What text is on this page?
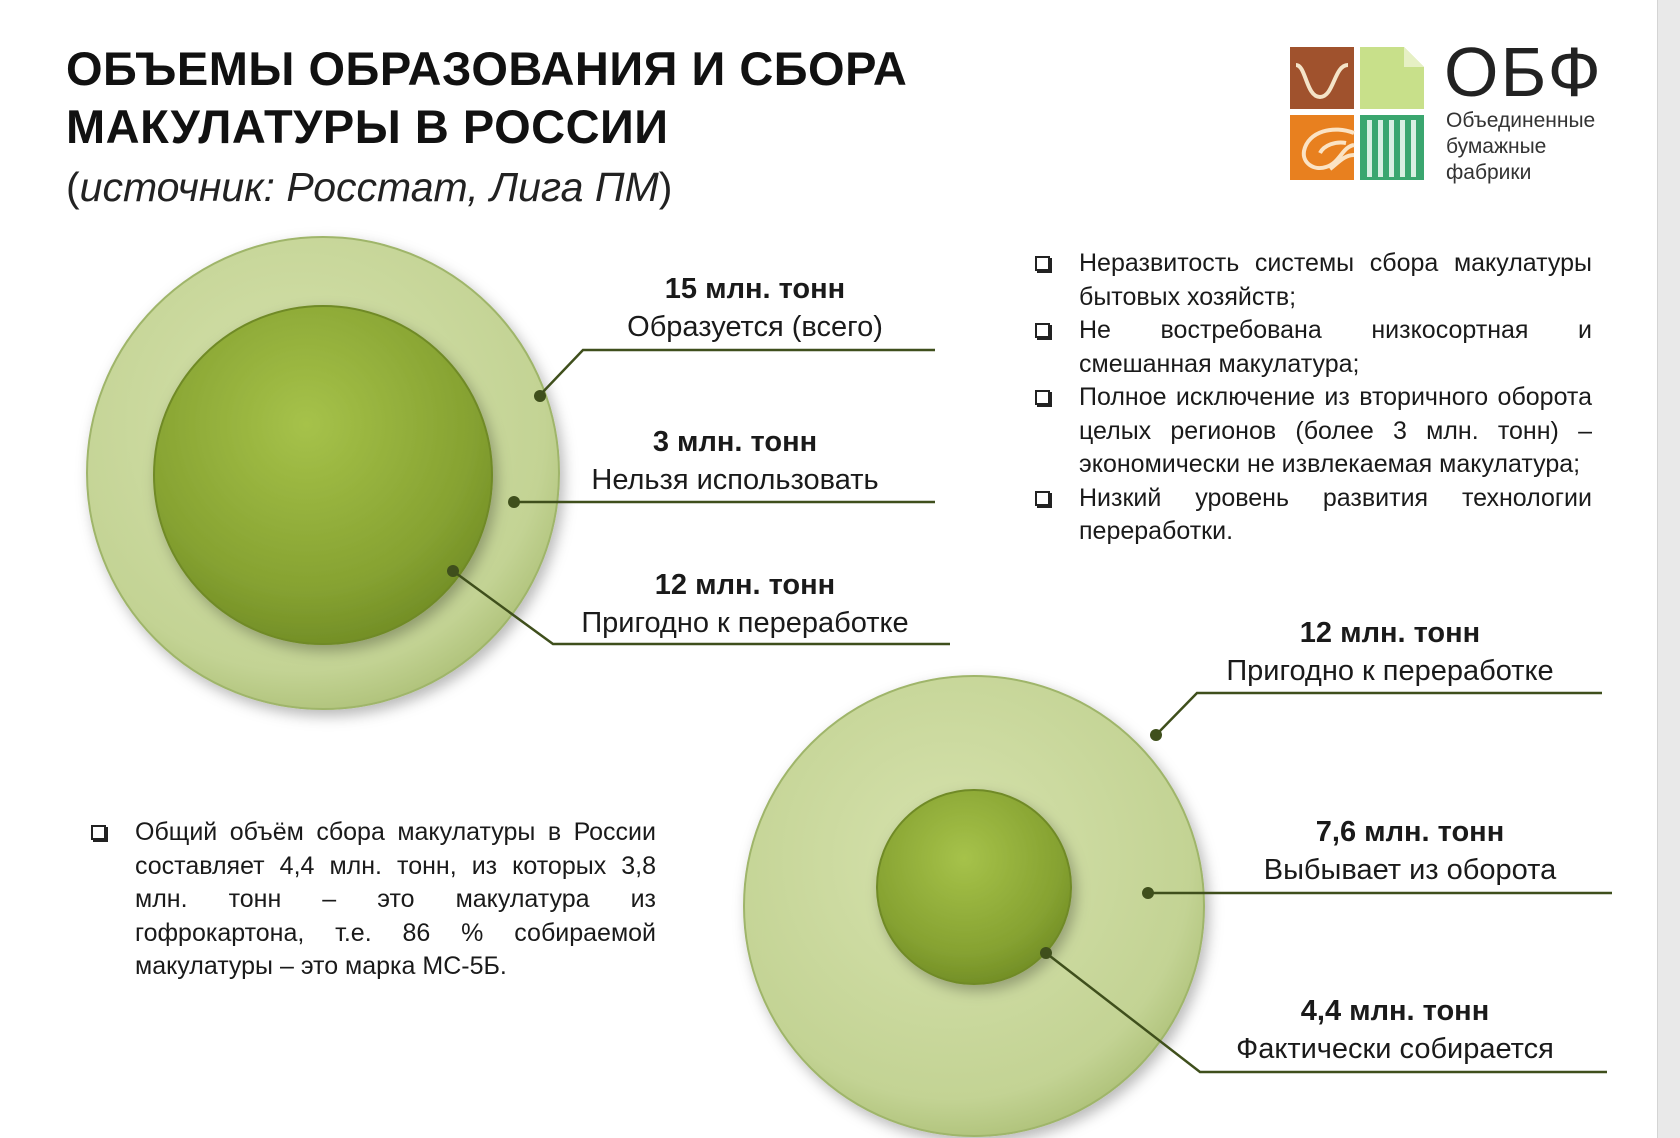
ОБЪЕМЫ ОБРАЗОВАНИЯ И СБОРА
МАКУЛАТУРЫ В РОССИИ
(источник: Росстат, Лига ПМ)
ОБФ
Объединенные
бумажные
фабрики
15 млн. тонн
Образуется (всего)
3 млн. тонн
Нельзя использовать
12 млн. тонн
Пригодно к переработке	12 млн. тонн
Пригодно к переработке
7,6 млн. тонн
Выбывает из оборота
4,4 млн. тонн
Фактически собирается
Неразвитость системы сбора макулатуры бытовых хозяйств;
Не востребована низкосортная и смешанная макулатура;
Полное исключение из вторичного оборота целых регионов (более 3 млн. тонн) – экономически не извлекаемая макулатура;
Низкий уровень развития технологии переработки.
Общий объём сбора макулатуры в России составляет 4,4 млн. тонн, из которых 3,8 млн. тонн – это макулатура из гофрокартона, т.е. 86 % собираемой макулатуры – это марка МС-5Б.
